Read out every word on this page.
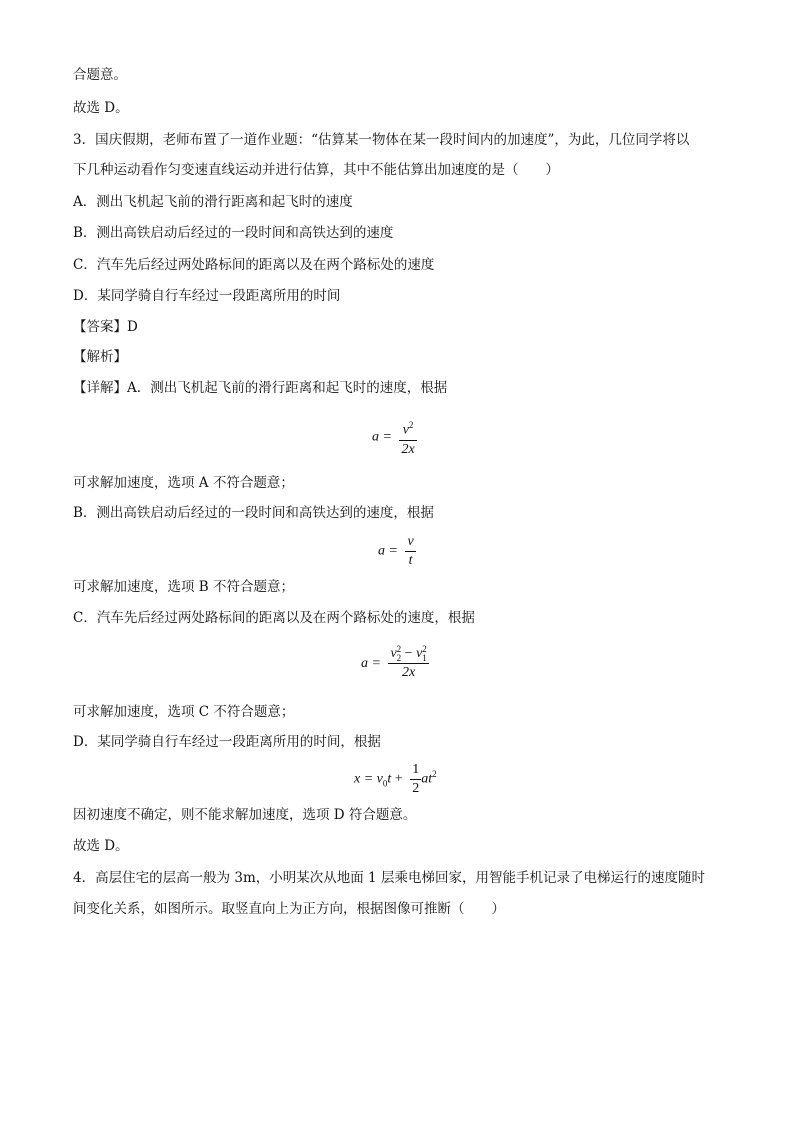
合题意。
故选 D。
3．国庆假期，老师布置了一道作业题：“估算某一物体在某一段时间内的加速度”，为此，几位同学将以
下几种运动看作匀变速直线运动并进行估算，其中不能估算出加速度的是（　　）
A．测出飞机起飞前的滑行距离和起飞时的速度
B．测出高铁启动后经过的一段时间和高铁达到的速度
C．汽车先后经过两处路标间的距离以及在两个路标处的速度
D．某同学骑自行车经过一段距离所用的时间
【答案】D
【解析】
【详解】A．测出飞机起飞前的滑行距离和起飞时的速度，根据
$a = \frac{v^2}{2x}$
可求解加速度，选项 A 不符合题意；
B．测出高铁启动后经过的一段时间和高铁达到的速度，根据
$a = \frac{v}{t}$
可求解加速度，选项 B 不符合题意；
C．汽车先后经过两处路标间的距离以及在两个路标处的速度，根据
a = v 2
2 − v 2
1
2x
可求解加速度，选项 C 不符合题意；
D．某同学骑自行车经过一段距离所用的时间，根据
$x = v_0t + \frac{1}{2} at^2$
因初速度不确定，则不能求解加速度，选项 D 符合题意。
故选 D。
4．高层住宅的层高一般为 3m，小明某次从地面 1 层乘电梯回家，用智能手机记录了电梯运行的速度随时
间变化关系，如图所示。取竖直向上为正方向，根据图像可推断（　　）
